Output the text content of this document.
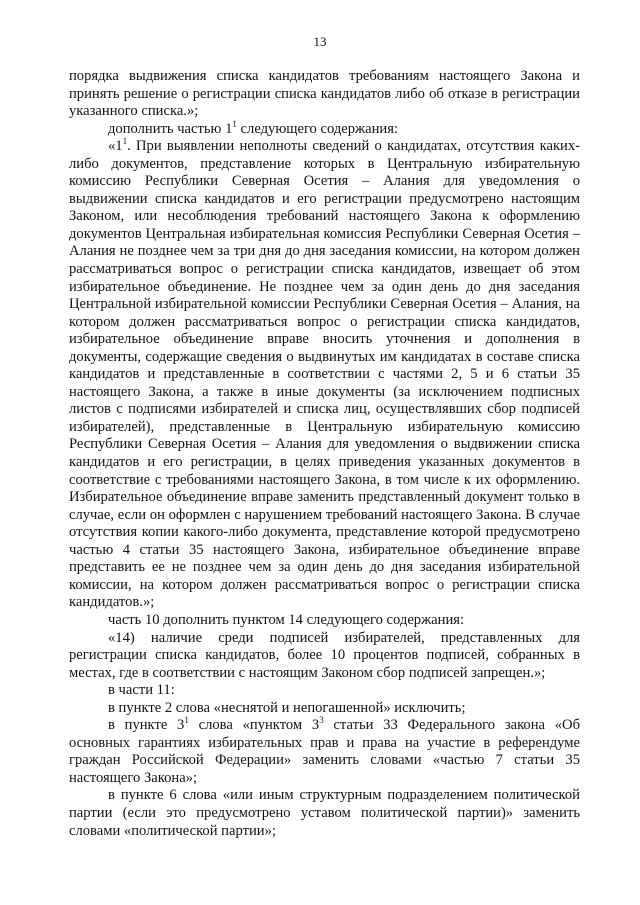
13

порядка выдвижения списка кандидатов требованиям настоящего Закона и принять решение о регистрации списка кандидатов либо об отказе в регистрации указанного списка.»;

дополнить частью $1^1$ следующего содержания:

«$1^1$. При выявлении неполноты сведений о кандидатах, отсутствия каких-либо документов, представление которых в Центральную избирательную комиссию Республики Северная Осетия – Алания для уведомления о выдвижении списка кандидатов и его регистрации предусмотрено настоящим Законом, или несоблюдения требований настоящего Закона к оформлению документов Центральная избирательная комиссия Республики Северная Осетия – Алания не позднее чем за три дня до дня заседания комиссии, на котором должен рассматриваться вопрос о регистрации списка кандидатов, извещает об этом избирательное объединение. Не позднее чем за один день до дня заседания Центральной избирательной комиссии Республики Северная Осетия – Алания, на котором должен рассматриваться вопрос о регистрации списка кандидатов, избирательное объединение вправе вносить уточнения и дополнения в документы, содержащие сведения о выдвинутых им кандидатах в составе списка кандидатов и представленные в соответствии с частями 2, 5 и 6 статьи 35 настоящего Закона, а также в иные документы (за исключением подписных листов с подписями избирателей и списка лиц, осуществлявших сбор подписей избирателей), представленные в Центральную избирательную комиссию Республики Северная Осетия – Алания для уведомления о выдвижении списка кандидатов и его регистрации, в целях приведения указанных документов в соответствие с требованиями настоящего Закона, в том числе к их оформлению. Избирательное объединение вправе заменить представленный документ только в случае, если он оформлен с нарушением требований настоящего Закона. В случае отсутствия копии какого-либо документа, представление которой предусмотрено частью 4 статьи 35 настоящего Закона, избирательное объединение вправе представить ее не позднее чем за один день до дня заседания избирательной комиссии, на котором должен рассматриваться вопрос о регистрации списка кандидатов.»;

часть 10 дополнить пунктом 14 следующего содержания:

«14) наличие среди подписей избирателей, представленных для регистрации списка кандидатов, более 10 процентов подписей, собранных в местах, где в соответствии с настоящим Законом сбор подписей запрещен.»;

в части 11:

в пункте 2 слова «неснятой и непогашенной» исключить;

в пункте $3^1$ слова «пунктом $3^3$ статьи 33 Федерального закона «Об основных гарантиях избирательных прав и права на участие в референдуме граждан Российской Федерации» заменить словами «частью 7 статьи 35 настоящего Закона»;

в пункте 6 слова «или иным структурным подразделением политической партии (если это предусмотрено уставом политической партии)» заменить словами «политической партии»;
